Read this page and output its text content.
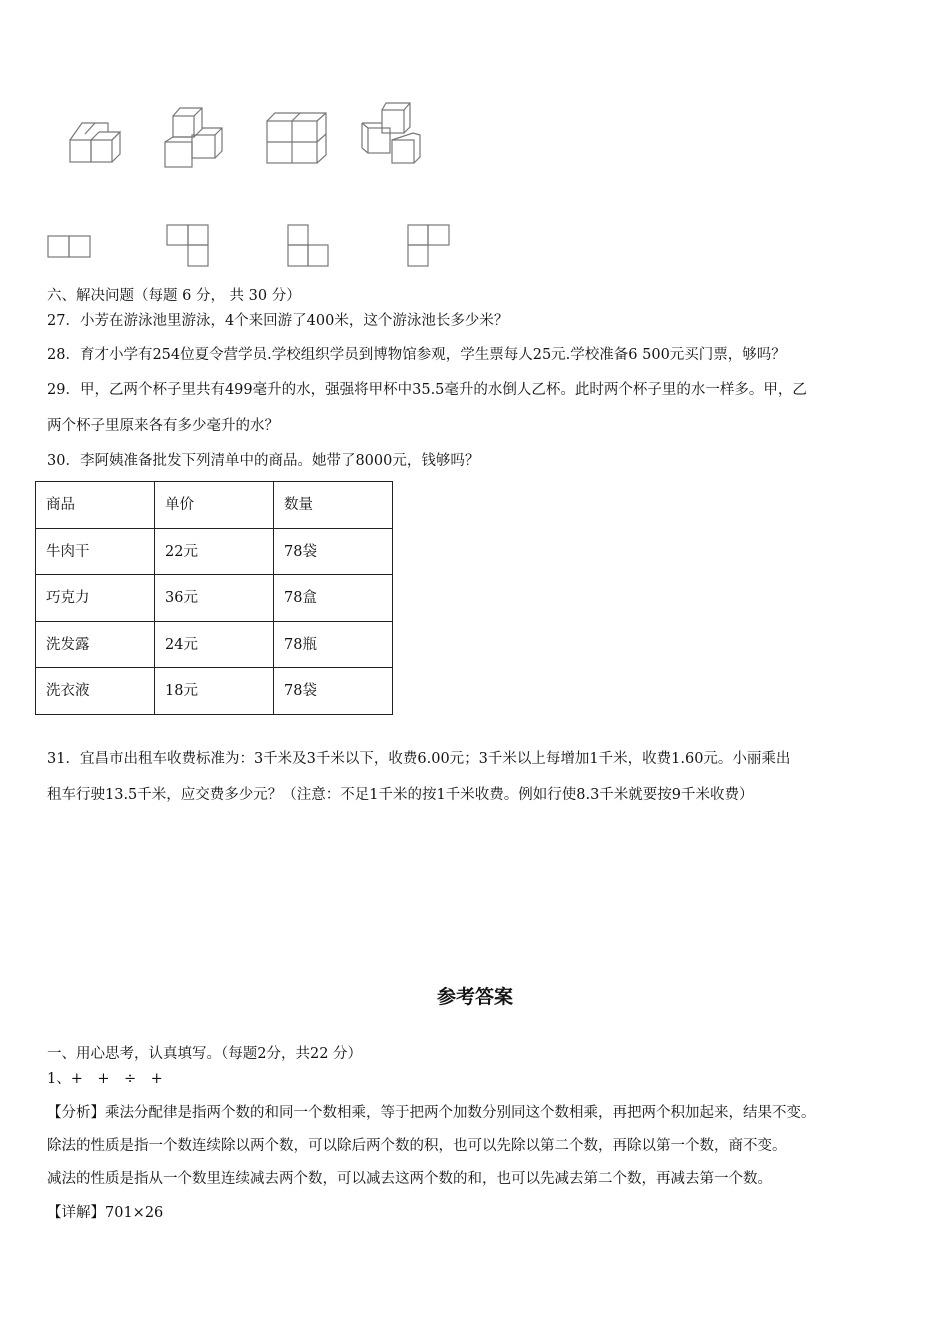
六、解决问题（每题 6 分， 共 30 分）
27．小芳在游泳池里游泳，4个来回游了400米，这个游泳池长多少米？
28．育才小学有254位夏令营学员.学校组织学员到博物馆参观，学生票每人25元.学校准备6 500元买门票，够吗？
29．甲，乙两个杯子里共有499毫升的水，强强将甲杯中35.5毫升的水倒人乙杯。此时两个杯子里的水一样多。甲，乙
两个杯子里原来各有多少毫升的水？
30．李阿姨准备批发下列清单中的商品。她带了8000元，钱够吗？
商品	单价	数量
牛肉干	22元	78袋
巧克力	36元	78盒
洗发露	24元	78瓶
洗衣液	18元	78袋
31．宜昌市出租车收费标准为：3千米及3千米以下，收费6.00元；3千米以上每增加1千米，收费1.60元。小丽乘出
租车行驶13.5千米，应交费多少元？（注意：不足1千米的按1千米收费。例如行使8.3千米就要按9千米收费）
参考答案
一、用心思考，认真填写。（每题2分，共22 分）
1、+　+　÷　+
【分析】乘法分配律是指两个数的和同一个数相乘，等于把两个加数分别同这个数相乘，再把两个积加起来，结果不变。
除法的性质是指一个数连续除以两个数，可以除后两个数的积，也可以先除以第二个数，再除以第一个数，商不变。
减法的性质是指从一个数里连续减去两个数，可以减去这两个数的和，也可以先减去第二个数，再减去第一个数。
【详解】701×26
